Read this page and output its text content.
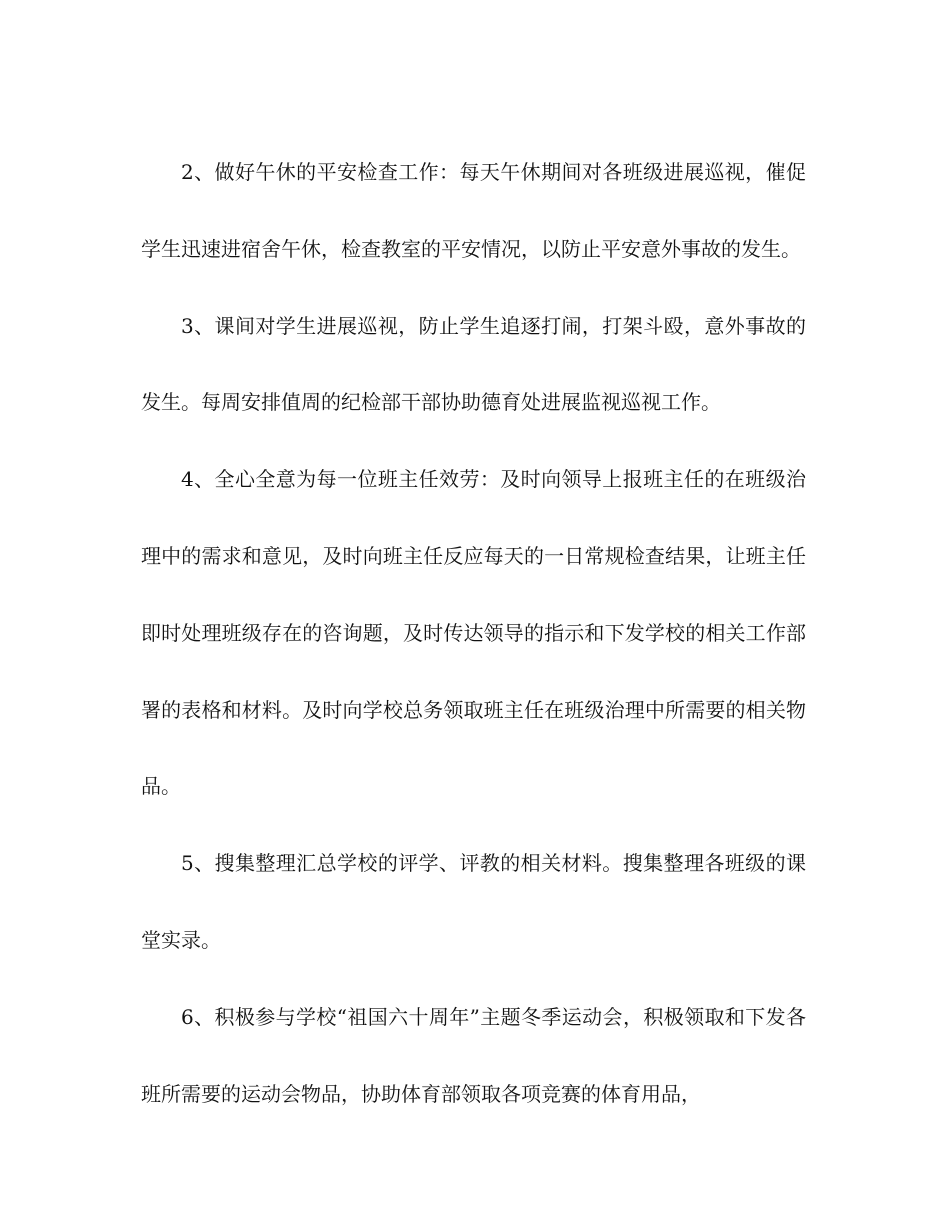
2、做好午休的平安检查工作：每天午休期间对各班级进展巡视，催促学生迅速进宿舍午休，检查教室的平安情况，以防止平安意外事故的发生。

3、课间对学生进展巡视，防止学生追逐打闹，打架斗殴，意外事故的发生。每周安排值周的纪检部干部协助德育处进展监视巡视工作。

4、全心全意为每一位班主任效劳：及时向领导上报班主任的在班级治理中的需求和意见，及时向班主任反应每天的一日常规检查结果，让班主任即时处理班级存在的咨询题，及时传达领导的指示和下发学校的相关工作部署的表格和材料。及时向学校总务领取班主任在班级治理中所需要的相关物品。

5、搜集整理汇总学校的评学、评教的相关材料。搜集整理各班级的课堂实录。

6、积极参与学校“祖国六十周年”主题冬季运动会，积极领取和下发各班所需要的运动会物品，协助体育部领取各项竞赛的体育用品，
